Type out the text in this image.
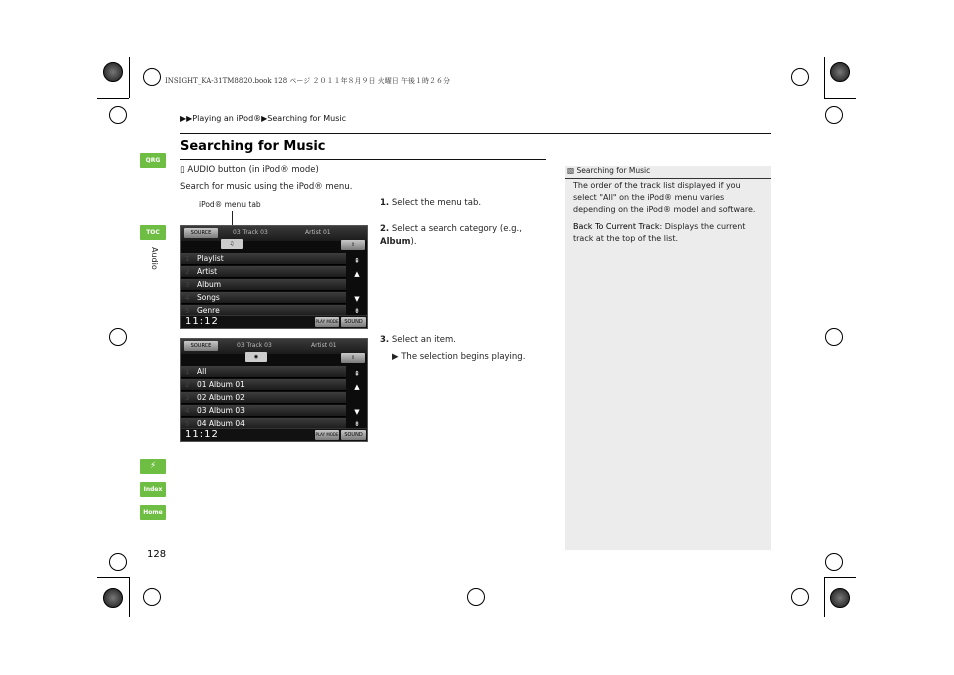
INSIGHT_KA-31TM8820.book 128 ページ ２０１１年８月９日 火曜日 午後１時２６分
▶▶Playing an iPod®▶Searching for Music
Searching for Music
QRG
TOC
Audio
Index
Home
⚡
128
▯ AUDIO button (in iPod® mode)
Search for music using the iPod® menu.
iPod® menu tab
SOURCE	03 Track 03	Artist 01
♫	⇧
1 Playlist
2 Artist
3 Album
4 Songs
5 Genre
⇞
▲
▼
⇟
11:12	PLAY MODE	SOUND
SOURCE	03 Track 03	Artist 01
◉	⇧
1 All
2 01 Album 01
3 02 Album 02
4 03 Album 03
5 04 Album 04
⇞
▲
▼
⇟
11:12	PLAY MODE	SOUND
1. Select the menu tab.
2. Select a search category (e.g., Album).
3. Select an item.
▶ The selection begins playing.
▧ Searching for Music
The order of the track list displayed if you select "All" on the iPod® menu varies depending on the iPod® model and software.
Back To Current Track: Displays the current track at the top of the list.
